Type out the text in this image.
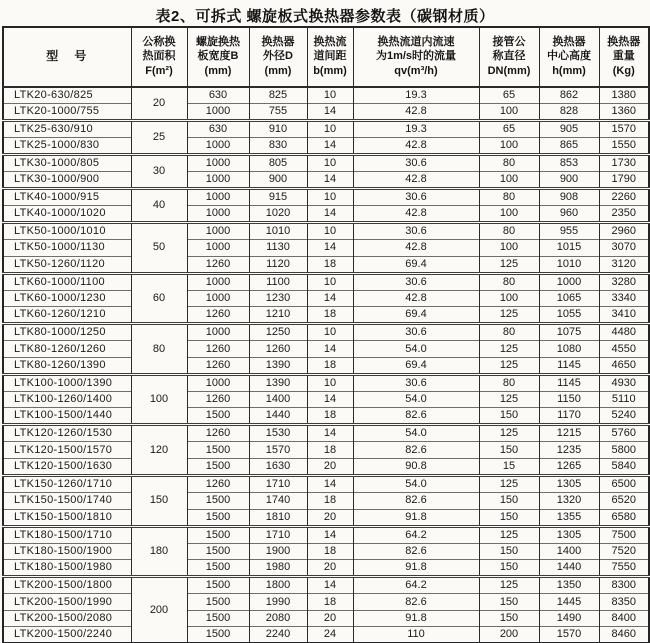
表2、可拆式 螺旋板式换热器参数表（碳钢材质）
型　号

公称换
热面积
F(m²)

螺旋换热
板宽度B
(mm)

换热器
外径D
(mm)

换热流
道间距
b(mm)

换热流道内流速
为1m/s时的流量
qv(m³/h)

接管公
称直径
DN(mm)

换热器
中心高度
h(mm)

换热器
重量
(Kg)

LTK20-630/825	20	630	825	10	19.3	65	862	1380
LTK20-1000/755		1000	755	14	42.8	100	828	1360
LTK25-630/910	25	630	910	10	19.3	65	905	1570
LTK25-1000/830		1000	830	14	42.8	100	865	1550
LTK30-1000/805	30	1000	805	10	30.6	80	853	1730
LTK30-1000/900		1000	900	14	42.8	100	900	1790
LTK40-1000/915	40	1000	915	10	30.6	80	908	2260
LTK40-1000/1020		1000	1020	14	42.8	100	960	2350
LTK50-1000/1010	50	1000	1010	10	30.6	80	955	2960
LTK50-1000/1130		1000	1130	14	42.8	100	1015	3070
LTK50-1260/1120		1260	1120	18	69.4	125	1010	3120
LTK60-1000/1100	60	1000	1100	10	30.6	80	1000	3280
LTK60-1000/1230		1000	1230	14	42.8	100	1065	3340
LTK60-1260/1210		1260	1210	18	69.4	125	1055	3410
LTK80-1000/1250	80	1000	1250	10	30.6	80	1075	4480
LTK80-1260/1260		1260	1260	14	54.0	125	1080	4550
LTK80-1260/1390		1260	1390	18	69.4	125	1145	4650
LTK100-1000/1390	100	1000	1390	10	30.6	80	1145	4930
LTK100-1260/1400		1260	1400	14	54.0	125	1150	5110
LTK100-1500/1440		1500	1440	18	82.6	150	1170	5240
LTK120-1260/1530	120	1260	1530	14	54.0	125	1215	5760
LTK120-1500/1570		1500	1570	18	82.6	150	1235	5800
LTK120-1500/1630		1500	1630	20	90.8	15	1265	5840
LTK150-1260/1710	150	1260	1710	14	54.0	125	1305	6500
LTK150-1500/1740		1500	1740	18	82.6	150	1320	6520
LTK150-1500/1810		1500	1810	20	91.8	150	1355	6580
LTK180-1500/1710	180	1500	1710	14	64.2	125	1305	7500
LTK180-1500/1900		1500	1900	18	82.6	150	1400	7520
LTK180-1500/1980		1500	1980	20	91.8	150	1440	7550
LTK200-1500/1800	200	1500	1800	14	64.2	125	1350	8300
LTK200-1500/1990		1500	1990	18	82.6	150	1445	8350
LTK200-1500/2080		1500	2080	20	91.8	150	1490	8400
LTK200-1500/2240		1500	2240	24	110	200	1570	8460
